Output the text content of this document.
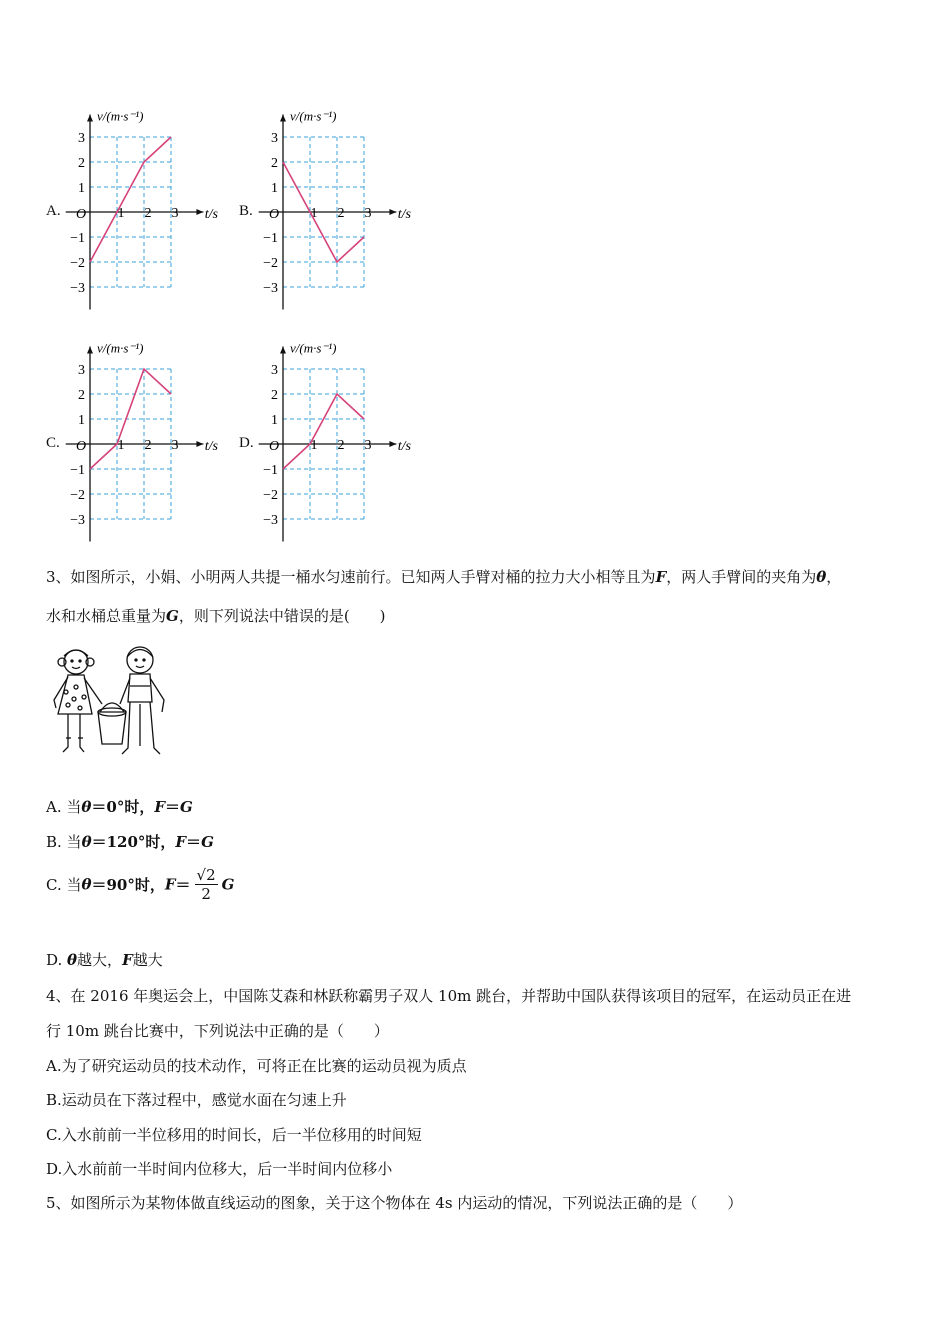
v/(m·s⁻¹)
t/s
O
3
2
1
−1
−2
−3
1 2 3
A.
v/(m·s⁻¹)
t/s
O
3
2
1
−1
−2
−3
1 2 3
B.
v/(m·s⁻¹)
t/s
O
3
2
1
−1
−2
−3
1 2 3
C.
v/(m·s⁻¹)
t/s
O
3
2
1
−1
−2
−3
1 2 3
D.
3、如图所示，小娟、小明两人共提一桶水匀速前行。已知两人手臂对桶的拉力大小相等且为F，两人手臂间的夹角为θ，
水和水桶总重量为G，则下列说法中错误的是(　　)
A. 当θ＝0°时，F＝G
B. 当θ＝120°时，F＝G
C. 当θ＝90°时，$F= \frac{√2}{2}$ G
D. θ越大，F越大
4、在 2016 年奥运会上，中国陈艾森和林跃称霸男子双人 10m 跳台，并帮助中国队获得该项目的冠军，在运动员正在进
行 10m 跳台比赛中，下列说法中正确的是（　　）
A.为了研究运动员的技术动作，可将正在比赛的运动员视为质点
B.运动员在下落过程中，感觉水面在匀速上升
C.入水前前一半位移用的时间长，后一半位移用的时间短
D.入水前前一半时间内位移大，后一半时间内位移小
5、如图所示为某物体做直线运动的图象，关于这个物体在 4s 内运动的情况，下列说法正确的是（　　）
